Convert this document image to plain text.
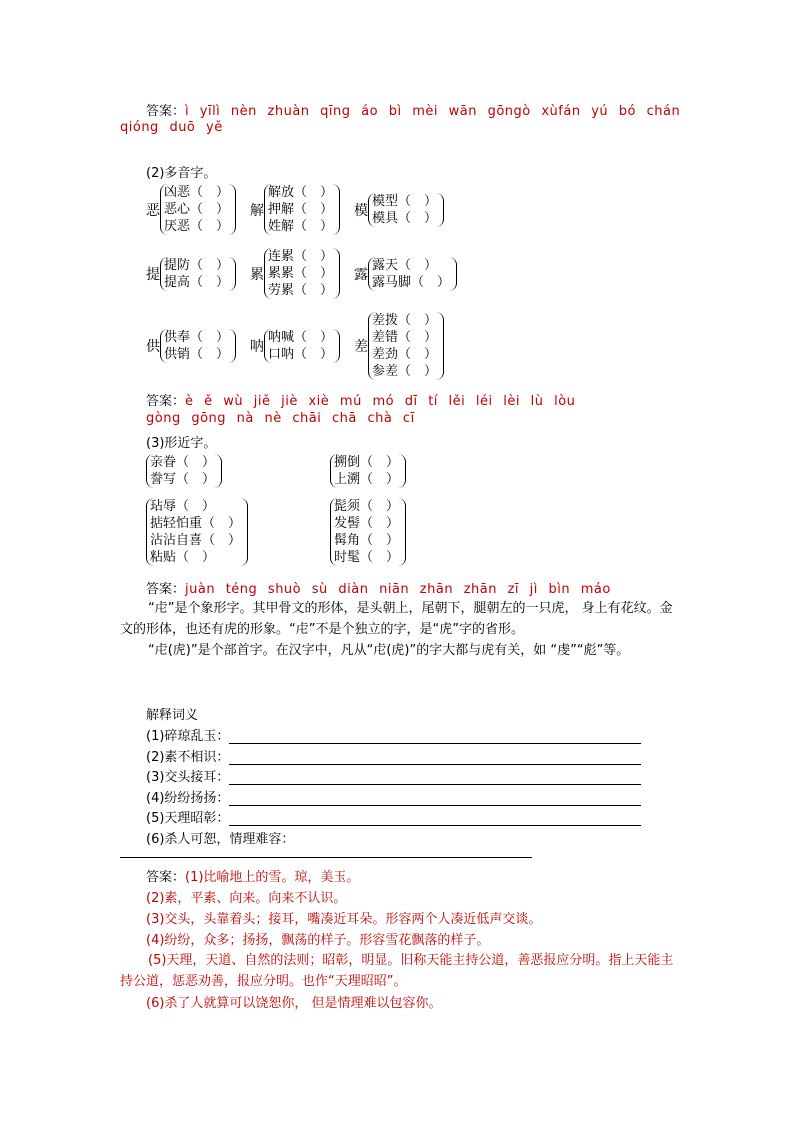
答案：ì yīlì nèn zhuàn qīng áo bì mèi wān gōngò xùfán yú bó chán
qióng duō yě
(2)多音字。
恶
凶恶（　）
恶心（　）
厌恶（　）
解
解放（　）
押解（　）
姓解（　）
模
模型（　）
模具（　）
提
提防（　）
提高（　） 累
连累（　）
累累（　）
劳累（　）
露
露天（　）
露马脚（　）
供
供奉（　）
供销（　） 呐
呐喊（　）
口呐（　） 差
差拨（　）
差错（　）
差劲（　）
参差（　）
答案：è ě wù jiě jiè xiè mú mó dī tí lěi léi lèi lù lòu
gòng gōng nà nè chāi chā chà cī
(3)形近字。
亲眷（　）
誊写（　）
搠倒（　）
上溯（　）
玷辱（　）
掂轻怕重（　）
沾沾自喜（　）
粘贴（　）
髭须（　）
发髻（　）
髯角（　）
时髦（　）
答案：juàn téng shuò sù diàn niān zhān zhān zī jì bìn máo
“虍”是个象形字。其甲骨文的形体，是头朝上，尾朝下，腿朝左的一只虎， 身上有花纹。金文的形体，也还有虎的形象。“虍”不是个独立的字，是“虎”字的省形。
“虍(虎)”是个部首字。在汉字中，凡从“虍(虎)”的字大都与虎有关，如 “虔”“彪”等。
解释词义
(1)碎琼乱玉：
(2)素不相识：
(3)交头接耳：
(4)纷纷扬扬：
(5)天理昭彰：
(6)杀人可恕，情理难容：
答案：(1)比喻地上的雪。琼，美玉。
(2)素，平素、向来。向来不认识。
(3)交头，头靠着头；接耳，嘴凑近耳朵。形容两个人凑近低声交谈。
(4)纷纷，众多；扬扬，飘荡的样子。形容雪花飘落的样子。
(5)天理，天道、自然的法则；昭彰，明显。旧称天能主持公道，善恶报应分明。指上天能主持公道，惩恶劝善，报应分明。也作“天理昭昭”。
(6)杀了人就算可以饶恕你， 但是情理难以包容你。
